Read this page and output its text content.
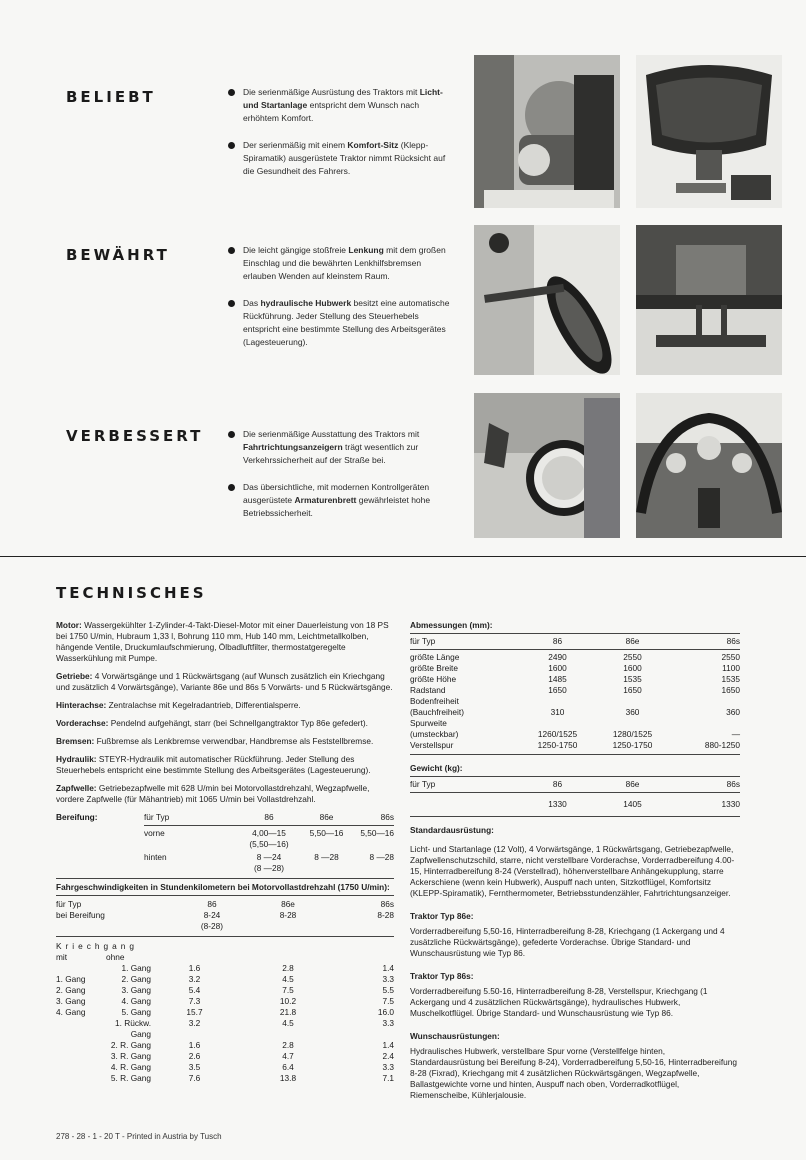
BELIEBT
BEWÄHRT
VERBESSERT
Die serienmäßige Ausrüstung des Traktors mit Licht- und Startanlage entspricht dem Wunsch nach erhöhtem Komfort.
Der serienmäßig mit einem Komfort-Sitz (Klepp-Spiramatik) ausgerüstete Traktor nimmt Rücksicht auf die Gesundheit des Fahrers.
Die leicht gängige stoßfreie Lenkung mit dem großen Einschlag und die bewährten Lenkhilfsbremsen erlauben Wenden auf kleinstem Raum.
Das hydraulische Hubwerk besitzt eine automatische Rückführung. Jeder Stellung des Steuerhebels entspricht eine bestimmte Stellung des Arbeitsgerätes (Lagesteuerung).
Die serienmäßige Ausstattung des Traktors mit Fahrtrichtungsanzeigern trägt wesentlich zur Verkehrssicherheit auf der Straße bei.
Das übersichtliche, mit modernen Kontrollgeräten ausgerüstete Armaturenbrett gewährleistet hohe Betriebssicherheit.
TECHNISCHES
Motor: Wassergekühlter 1-Zylinder-4-Takt-Diesel-Motor mit einer Dauerleistung von 18 PS bei 1750 U/min, Hubraum 1,33 l, Bohrung 110 mm, Hub 140 mm, Leichtmetallkolben, hängende Ventile, Druckumlaufschmierung, Ölbadluftfilter, thermostatgeregelte Wasserkühlung mit Pumpe.
Getriebe: 4 Vorwärtsgänge und 1 Rückwärtsgang (auf Wunsch zusätzlich ein Kriechgang und zusätzlich 4 Vorwärtsgänge), Variante 86e und 86s 5 Vorwärts- und 5 Rückwärtsgänge.
Hinterachse: Zentralachse mit Kegelradantrieb, Differentialsperre.
Vorderachse: Pendelnd aufgehängt, starr (bei Schnellgangtraktor Typ 86e gefedert).
Bremsen: Fußbremse als Lenkbremse verwendbar, Handbremse als Feststellbremse.
Hydraulik: STEYR-Hydraulik mit automatischer Rückführung. Jeder Stellung des Steuerhebels entspricht eine bestimmte Stellung des Arbeitsgerätes (Lagesteuerung).
Zapfwelle: Getriebezapfwelle mit 628 U/min bei Motorvollastdrehzahl, Wegzapfwelle, vordere Zapfwelle (für Mähantrieb) mit 1065 U/min bei Vollastdrehzahl.
Bereifung:	für Typ	86	86e	86s
vorne	4,00—15	5,50—16	5,50—16
(5,50—16)
hinten	8 —24	8 —28	8 —28
(8 —28)
Fahrgeschwindigkeiten in Stundenkilometern bei Motorvollastdrehzahl (1750 U/min):
für Typ	86	86e	86s
bei Bereifung	8-24	8-28	8-28
(8-28)
Kriechgang
mit	ohne
1. Gang	1.6	2.8	1.4
1. Gang	2. Gang	3.2	4.5	3.3
2. Gang	3. Gang	5.4	7.5	5.5
3. Gang	4. Gang	7.3	10.2	7.5
4. Gang	5. Gang	15.7	21.8	16.0
1. Rückw. Gang
3.2	4.5	3.3
2. R. Gang	1.6	2.8	1.4
3. R. Gang	2.6	4.7	2.4
4. R. Gang	3.5	6.4	3.3
5. R. Gang	7.6	13.8	7.1
Abmessungen (mm):
für Typ	86	86e	86s
größte Länge	2490	2550	2550
größte Breite	1600	1600	1100
größte Höhe	1485	1535	1535
Radstand	1650	1650	1650
Bodenfreiheit
(Bauchfreiheit)	310	360	360
Spurweite
(umsteckbar)	1260/1525	1280/1525	—
Verstellspur	1250-1750	1250-1750	880-1250
Gewicht (kg):
für Typ	86	86e	86s
1330	1405	1330
Standardausrüstung:
Licht- und Startanlage (12 Volt), 4 Vorwärtsgänge, 1 Rückwärtsgang, Getriebezapfwelle, Zapfwellenschutzschild, starre, nicht verstellbare Vorderachse, Vorderradbereifung 4.00-15, Hinterradbereifung 8-24 (Verstellrad), höhenverstellbare Anhängekupplung, starre Ackerschiene (wenn kein Hubwerk), Auspuff nach unten, Sitzkotflügel, Komfortsitz (KLEPP-Spiramatik), Fernthermometer, Betriebsstundenzähler, Fahrtrichtungsanzeiger.
Traktor Typ 86e:
Vorderradbereifung 5,50-16, Hinterradbereifung 8-28, Kriechgang (1 Ackergang und 4 zusätzliche Rückwärtsgänge), gefederte Vorderachse. Übrige Standard- und Wunschausrüstung wie Typ 86.
Traktor Typ 86s:
Vorderradbereifung 5.50-16, Hinterradbereifung 8-28, Verstellspur, Kriechgang (1 Ackergang und 4 zusätzlichen Rückwärtsgänge), hydraulisches Hubwerk, Muschelkotflügel. Übrige Standard- und Wunschausrüstung wie Typ 86.
Wunschausrüstungen:
Hydraulisches Hubwerk, verstellbare Spur vorne (Verstellfelge hinten, Standardausrüstung bei Bereifung 8-24), Vorderradbereifung 5,50-16, Hinterradbereifung 8-28 (Fixrad), Kriechgang mit 4 zusätzlichen Rückwärtsgängen, Wegzapfwelle, Ballastgewichte vorne und hinten, Auspuff nach oben, Vorderradkotflügel, Riemenscheibe, Kühlerjalousie.
278 - 28 - 1 - 20 T - Printed in Austria by Tusch
